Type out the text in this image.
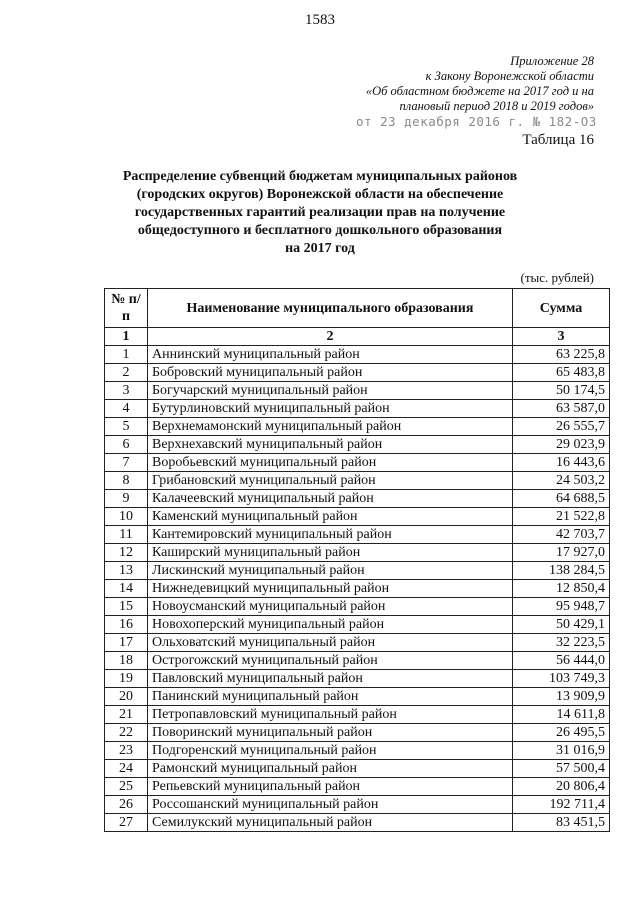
1583
Приложение 28
к Закону Воронежской области
«Об областном бюджете на 2017 год и на
плановый период 2018 и 2019 годов»
от 23 декабря 2016 г. № 182-ОЗ
Таблица 16
Распределение субвенций бюджетам муниципальных районов
(городских округов) Воронежской области на обеспечение
государственных гарантий реализации прав на получение
общедоступного и бесплатного дошкольного образования
на 2017 год
(тыс. рублей)
№ п/п	Наименование муниципального образования	Сумма
1	2	3
1	Аннинский муниципальный район	63 225,8
2	Бобровский муниципальный район	65 483,8
3	Богучарский муниципальный район	50 174,5
4	Бутурлиновский муниципальный район	63 587,0
5	Верхнемамонский муниципальный район	26 555,7
6	Верхнехавский муниципальный район	29 023,9
7	Воробьевский муниципальный район	16 443,6
8	Грибановский муниципальный район	24 503,2
9	Калачеевский муниципальный район	64 688,5
10	Каменский муниципальный район	21 522,8
11	Кантемировский муниципальный район	42 703,7
12	Каширский муниципальный район	17 927,0
13	Лискинский муниципальный район	138 284,5
14	Нижнедевицкий муниципальный район	12 850,4
15	Новоусманский муниципальный район	95 948,7
16	Новохоперский муниципальный район	50 429,1
17	Ольховатский муниципальный район	32 223,5
18	Острогожский муниципальный район	56 444,0
19	Павловский муниципальный район	103 749,3
20	Панинский муниципальный район	13 909,9
21	Петропавловский муниципальный район	14 611,8
22	Поворинский муниципальный район	26 495,5
23	Подгоренский муниципальный район	31 016,9
24	Рамонский муниципальный район	57 500,4
25	Репьевский муниципальный район	20 806,4
26	Россошанский муниципальный район	192 711,4
27	Семилукский муниципальный район	83 451,5
